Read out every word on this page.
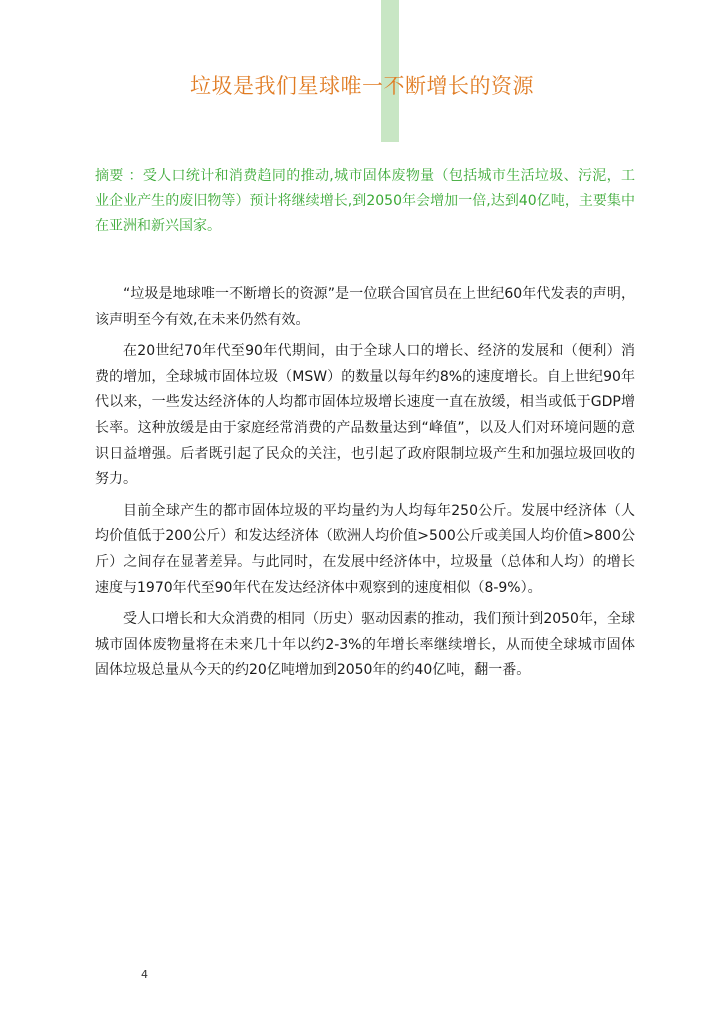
垃圾是我们星球唯一不断增长的资源

摘要 ：受人口统计和消费趋同的推动,城市固体废物量（包括城市生活垃圾、污泥，工业企业产生的废旧物等）预计将继续增长,到2050年会增加一倍,达到40亿吨，主要集中在亚洲和新兴国家。

“垃圾是地球唯一不断增长的资源”是一位联合国官员在上世纪60年代发表的声明，该声明至今有效,在未来仍然有效。

在20世纪70年代至90年代期间，由于全球人口的增长、经济的发展和（便利）消费的增加，全球城市固体垃圾（MSW）的数量以每年约8%的速度增长。自上世纪90年代以来，一些发达经济体的人均都市固体垃圾增长速度一直在放缓，相当或低于GDP增长率。这种放缓是由于家庭经常消费的产品数量达到“峰值”，以及人们对环境问题的意识日益增强。后者既引起了民众的关注，也引起了政府限制垃圾产生和加强垃圾回收的努力。

目前全球产生的都市固体垃圾的平均量约为人均每年250公斤。发展中经济体（人均价值低于200公斤）和发达经济体（欧洲人均价值>500公斤或美国人均价值>800公斤）之间存在显著差异。与此同时，在发展中经济体中，垃圾量（总体和人均）的增长速度与1970年代至90年代在发达经济体中观察到的速度相似（8-9%）。

受人口增长和大众消费的相同（历史）驱动因素的推动，我们预计到2050年，全球城市固体废物量将在未来几十年以约2-3%的年增长率继续增长，从而使全球城市固体固体垃圾总量从今天的约20亿吨增加到2050年的约40亿吨，翻一番。

4
